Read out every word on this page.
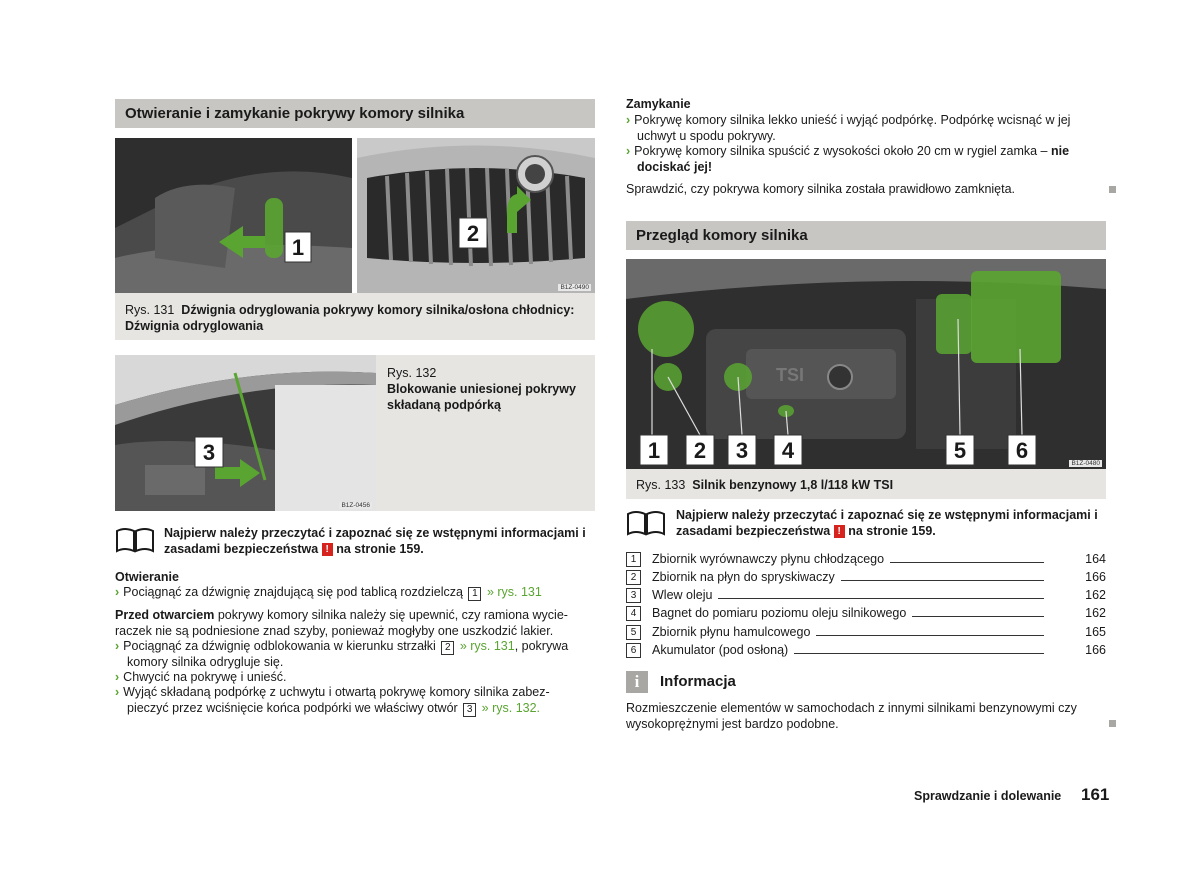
Otwieranie i zamykanie pokrywy komory silnika
1
2
B1Z-0490
Rys. 131 Dźwignia odryglowania pokrywy komory silnika/osłona chłodnicy: Dźwignia odryglowania
3
B1Z-0456
Rys. 132
Blokowanie uniesionej pokrywy składaną podpórką
Najpierw należy przeczytać i zapoznać się ze wstępnymi informacjami i zasadami bezpieczeństwa ! na stronie 159.
Otwieranie
› Pociągnąć za dźwignię znajdującą się pod tablicą rozdzielczą 1 » rys. 131
Przed otwarciem pokrywy komory silnika należy się upewnić, czy ramiona wycie-
raczek nie są podniesione znad szyby, ponieważ mogłyby one uszkodzić lakier.
› Pociągnąć za dźwignię odblokowania w kierunku strzałki 2 » rys. 131, pokrywa
komory silnika odrygluje się.
› Chwycić na pokrywę i unieść.
› Wyjąć składaną podpórkę z uchwytu i otwartą pokrywę komory silnika zabez-
pieczyć przez wciśnięcie końca podpórki we właściwy otwór 3 » rys. 132.
Zamykanie
› Pokrywę komory silnika lekko unieść i wyjąć podpórkę. Podpórkę wcisnąć w jej
uchwyt u spodu pokrywy.
› Pokrywę komory silnika spuścić z wysokości około 20 cm w rygiel zamka – nie
dociskać jej!
Sprawdzić, czy pokrywa komory silnika została prawidłowo zamknięta.
Przegląd komory silnika
TSI
1 2 3 4	5 6
B1Z-0480
Rys. 133 Silnik benzynowy 1,8 l/118 kW TSI
Najpierw należy przeczytać i zapoznać się ze wstępnymi informacjami i
zasadami bezpieczeństwa ! na stronie 159.
1	Zbiornik wyrównawczy płynu chłodzącego	164
2	Zbiornik na płyn do spryskiwaczy	166
3	Wlew oleju	162
4	Bagnet do pomiaru poziomu oleju silnikowego	162
5	Zbiornik płynu hamulcowego	165
6	Akumulator (pod osłoną)	166
i	Informacja
Rozmieszczenie elementów w samochodach z innymi silnikami benzynowymi czy
wysokoprężnymi jest bardzo podobne.
Sprawdzanie i dolewanie 161
